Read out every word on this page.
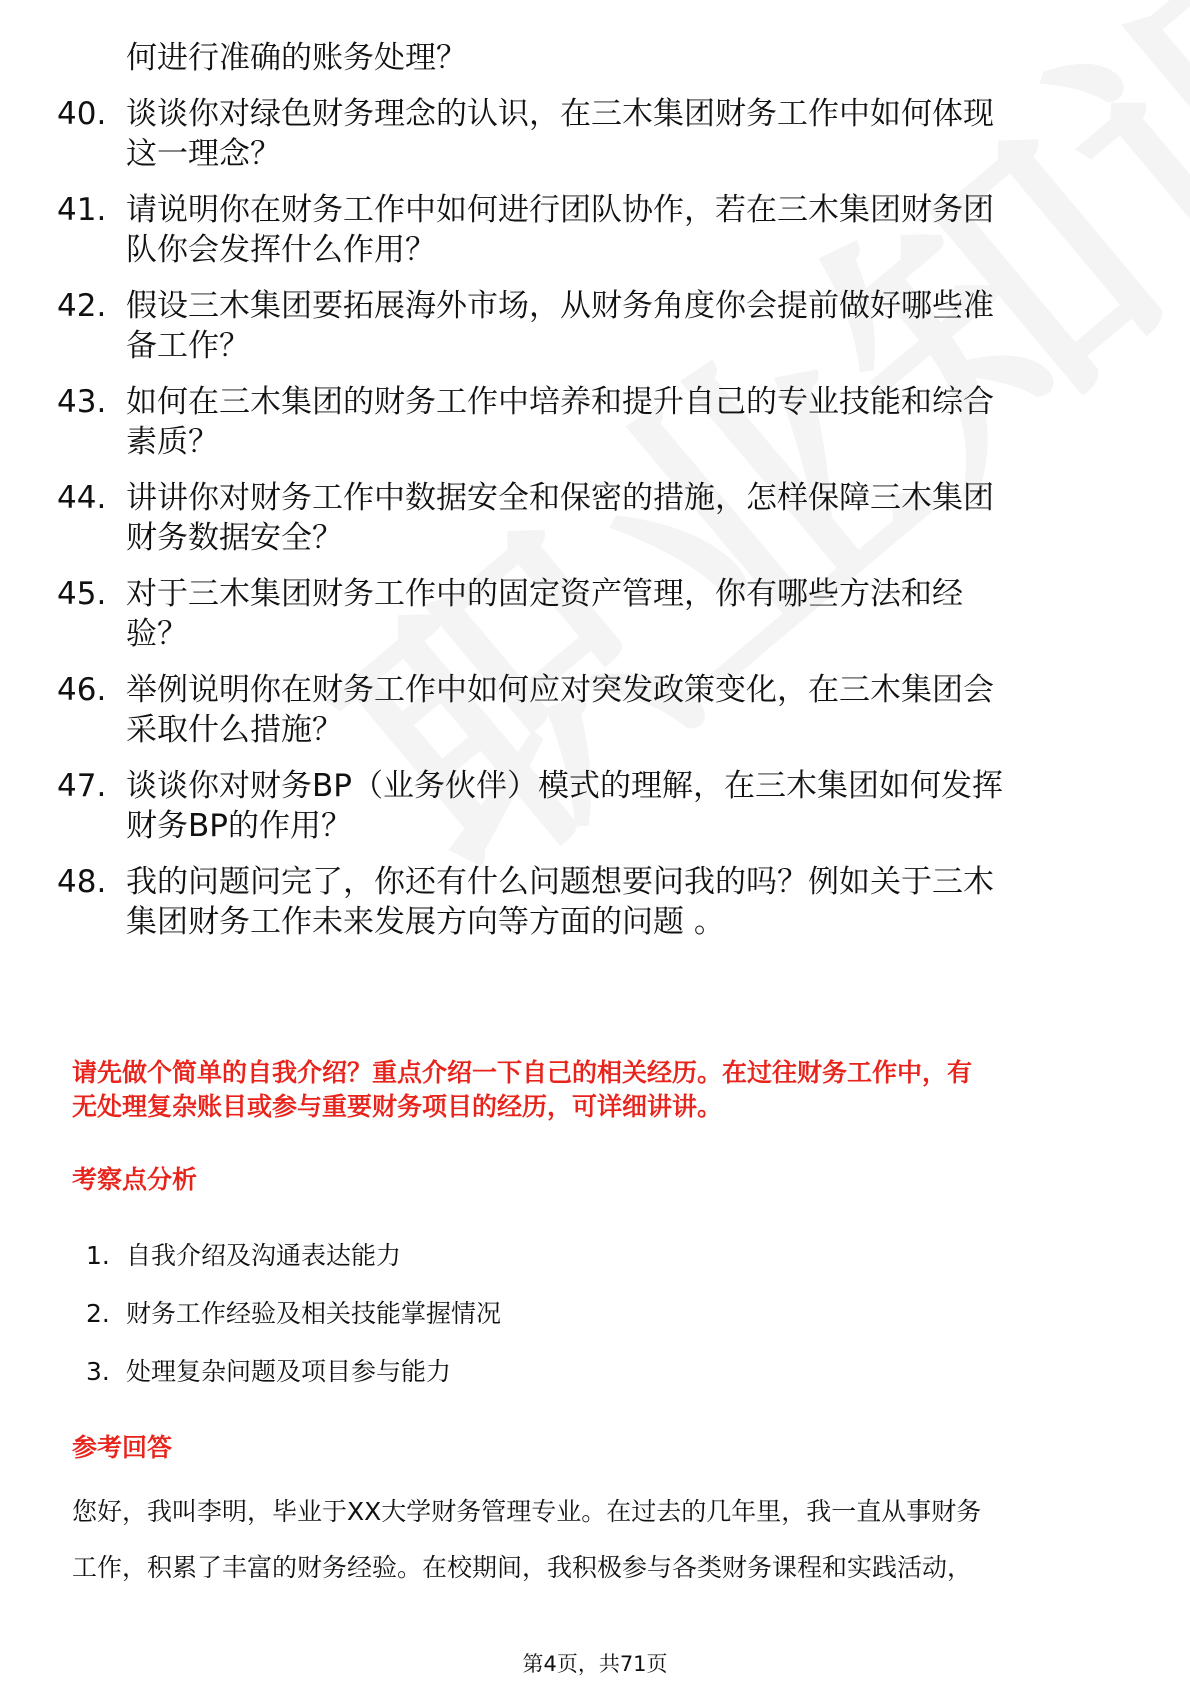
何进行准确的账务处理？
40. 谈谈你对绿色财务理念的认识，在三木集团财务工作中如何体现
这一理念？
41. 请说明你在财务工作中如何进行团队协作，若在三木集团财务团
队你会发挥什么作用？
42. 假设三木集团要拓展海外市场，从财务角度你会提前做好哪些准
备工作？
43. 如何在三木集团的财务工作中培养和提升自己的专业技能和综合
素质？
44. 讲讲你对财务工作中数据安全和保密的措施，怎样保障三木集团
财务数据安全？
45. 对于三木集团财务工作中的固定资产管理，你有哪些方法和经
验？
46. 举例说明你在财务工作中如何应对突发政策变化，在三木集团会
采取什么措施？
47. 谈谈你对财务BP（业务伙伴）模式的理解，在三木集团如何发挥
财务BP的作用？
48. 我的问题问完了，你还有什么问题想要问我的吗？例如关于三木
集团财务工作未来发展方向等方面的问题 。
请先做个简单的自我介绍？重点介绍一下自己的相关经历。在过往财务工作中，有
无处理复杂账目或参与重要财务项目的经历，可详细讲讲。
考察点分析
1. 自我介绍及沟通表达能力
2. 财务工作经验及相关技能掌握情况
3. 处理复杂问题及项目参与能力
参考回答
您好，我叫李明，毕业于XX大学财务管理专业。在过去的几年里，我一直从事财务
工作，积累了丰富的财务经验。在校期间，我积极参与各类财务课程和实践活动，
第4页，共71页
